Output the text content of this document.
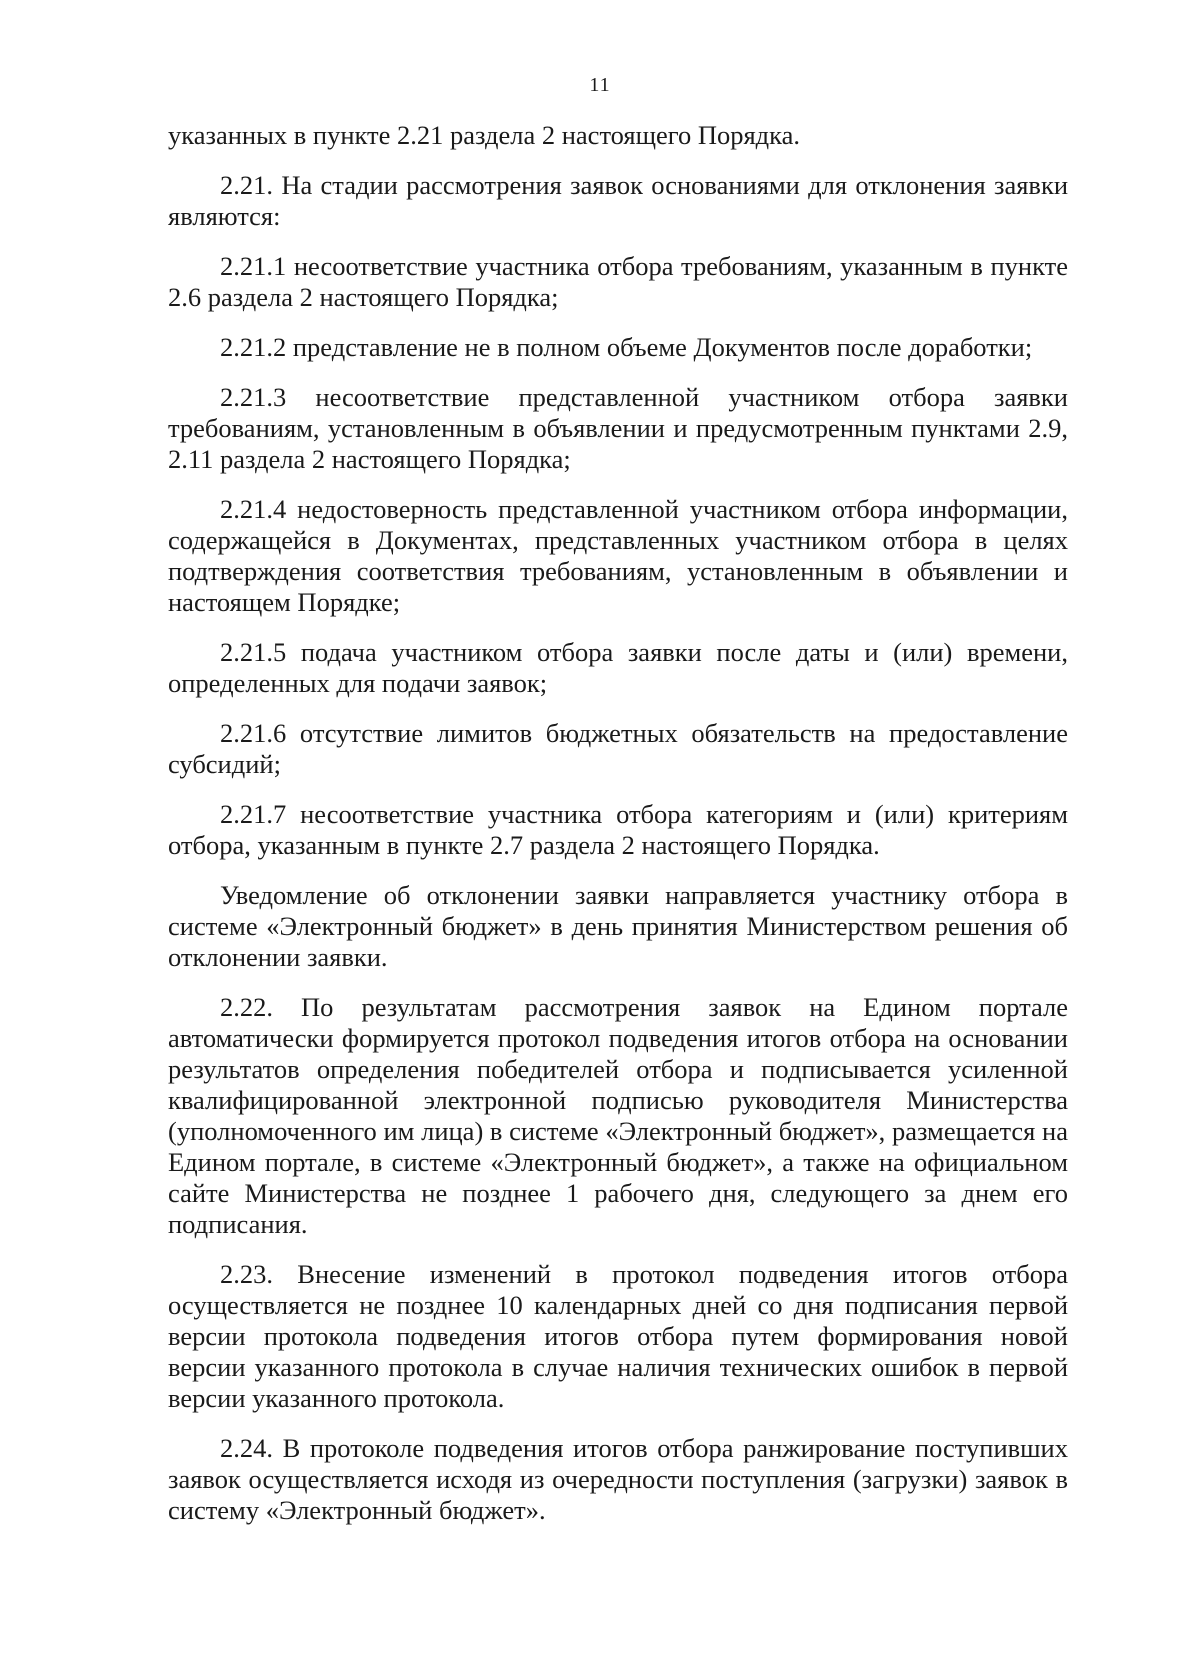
11

указанных в пункте 2.21 раздела 2 настоящего Порядка.

2.21. На стадии рассмотрения заявок основаниями для отклонения заявки являются:

2.21.1 несоответствие участника отбора требованиям, указанным в пункте 2.6 раздела 2 настоящего Порядка;

2.21.2 представление не в полном объеме Документов после доработки;

2.21.3 несоответствие представленной участником отбора заявки требованиям, установленным в объявлении и предусмотренным пунктами 2.9, 2.11 раздела 2 настоящего Порядка;

2.21.4 недостоверность представленной участником отбора информации, содержащейся в Документах, представленных участником отбора в целях подтверждения соответствия требованиям, установленным в объявлении и настоящем Порядке;

2.21.5 подача участником отбора заявки после даты и (или) времени, определенных для подачи заявок;

2.21.6 отсутствие лимитов бюджетных обязательств на предоставление субсидий;

2.21.7 несоответствие участника отбора категориям и (или) критериям отбора, указанным в пункте 2.7 раздела 2 настоящего Порядка.

Уведомление об отклонении заявки направляется участнику отбора в системе «Электронный бюджет» в день принятия Министерством решения об отклонении заявки.

2.22. По результатам рассмотрения заявок на Едином портале автоматически формируется протокол подведения итогов отбора на основании результатов определения победителей отбора и подписывается усиленной квалифицированной электронной подписью руководителя Министерства (уполномоченного им лица) в системе «Электронный бюджет», размещается на Едином портале, в системе «Электронный бюджет», а также на официальном сайте Министерства не позднее 1 рабочего дня, следующего за днем его подписания.

2.23. Внесение изменений в протокол подведения итогов отбора осуществляется не позднее 10 календарных дней со дня подписания первой версии протокола подведения итогов отбора путем формирования новой версии указанного протокола в случае наличия технических ошибок в первой версии указанного протокола.

2.24. В протоколе подведения итогов отбора ранжирование поступивших заявок осуществляется исходя из очередности поступления (загрузки) заявок в систему «Электронный бюджет».
